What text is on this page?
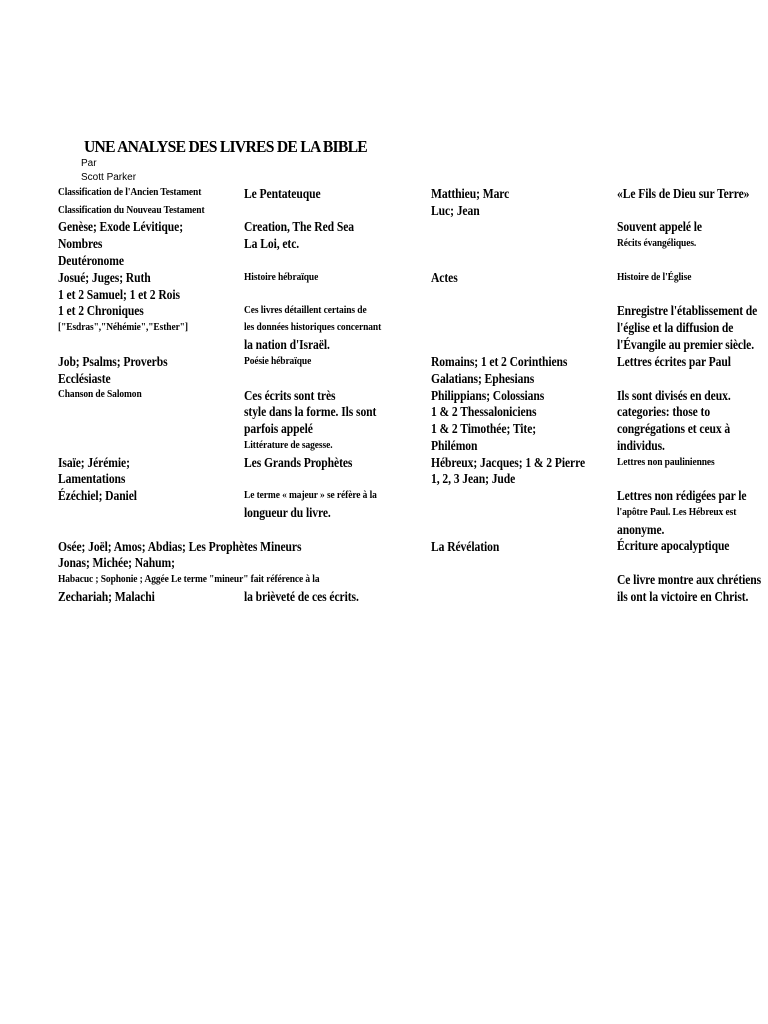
UNE ANALYSE DES LIVRES DE LA BIBLE
Par
Scott Parker
Classification de l'Ancien Testament
Classification du Nouveau Testament
Genèse; Exode Lévitique;
Nombres
Deutéronome
Josué; Juges; Ruth
1 et 2 Samuel; 1 et 2 Rois
1 et 2 Chroniques
["Esdras","Néhémie","Esther"]
Job; Psalms; Proverbs
Ecclésiaste
Chanson de Salomon
Isaïe; Jérémie;
Lamentations
Ézéchiel; Daniel
Osée; Joël; Amos; Abdias; Les Prophètes Mineurs
Jonas; Michée; Nahum;
Habacuc ; Sophonie ; Aggée Le terme "mineur" fait référence à la
Zechariah; Malachi
Le Pentateuque
Creation, The Red Sea
La Loi, etc.
Histoire hébraïque
Ces livres détaillent certains de
les données historiques concernant
la nation d'Israël.
Poésie hébraïque
Ces écrits sont très
style dans la forme. Ils sont
parfois appelé
Littérature de sagesse.
Les Grands Prophètes
Le terme « majeur » se réfère à la
longueur du livre.
la brièveté de ces écrits.
Matthieu; Marc
Luc; Jean
Actes
Romains; 1 et 2 Corinthiens
Galatians; Ephesians
Philippians; Colossians
1 & 2 Thessaloniciens
1 & 2 Timothée; Tite;
Philémon
Hébreux; Jacques; 1 & 2 Pierre
1, 2, 3 Jean; Jude
La Révélation
«Le Fils de Dieu sur Terre»
Souvent appelé le
Récits évangéliques.
Histoire de l'Église
Enregistre l'établissement de
l'église et la diffusion de
l'Évangile au premier siècle.
Lettres écrites par Paul
Ils sont divisés en deux.
categories: those to
congrégations et ceux à
individus.
Lettres non pauliniennes
Lettres non rédigées par le
l'apôtre Paul. Les Hébreux est
anonyme.
Écriture apocalyptique
Ce livre montre aux chrétiens
ils ont la victoire en Christ.
